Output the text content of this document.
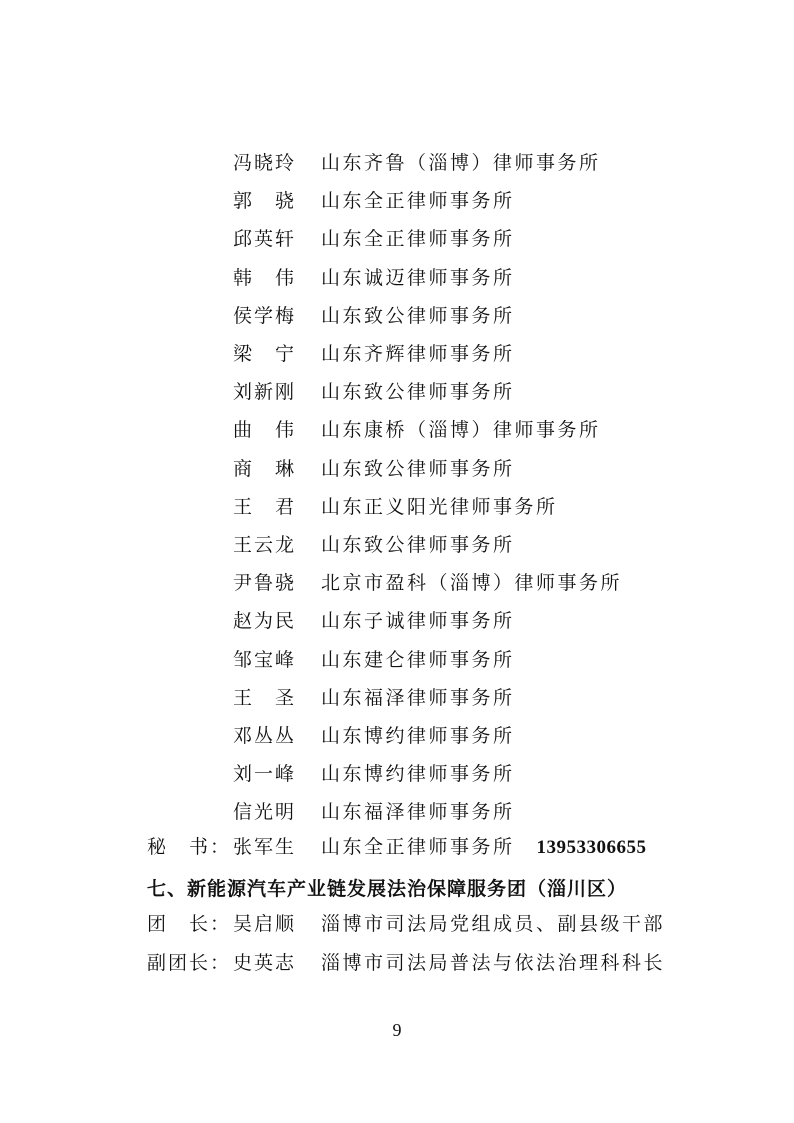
冯晓玲 山东齐鲁（淄博）律师事务所
郭　骁 山东全正律师事务所
邱英轩 山东全正律师事务所
韩　伟 山东诚迈律师事务所
侯学梅 山东致公律师事务所
梁　宁 山东齐辉律师事务所
刘新刚 山东致公律师事务所
曲　伟 山东康桥（淄博）律师事务所
商　琳 山东致公律师事务所
王　君 山东正义阳光律师事务所
王云龙 山东致公律师事务所
尹鲁骁 北京市盈科（淄博）律师事务所
赵为民 山东子诚律师事务所
邹宝峰 山东建仑律师事务所
王　圣 山东福泽律师事务所
邓丛丛 山东博约律师事务所
刘一峰 山东博约律师事务所
信光明 山东福泽律师事务所
秘　书： 张军生 山东全正律师事务所 13953306655
七、新能源汽车产业链发展法治保障服务团（淄川区）
团　长： 吴启顺 淄博市司法局党组成员、副县级干部
副团长： 史英志 淄博市司法局普法与依法治理科科长
9
